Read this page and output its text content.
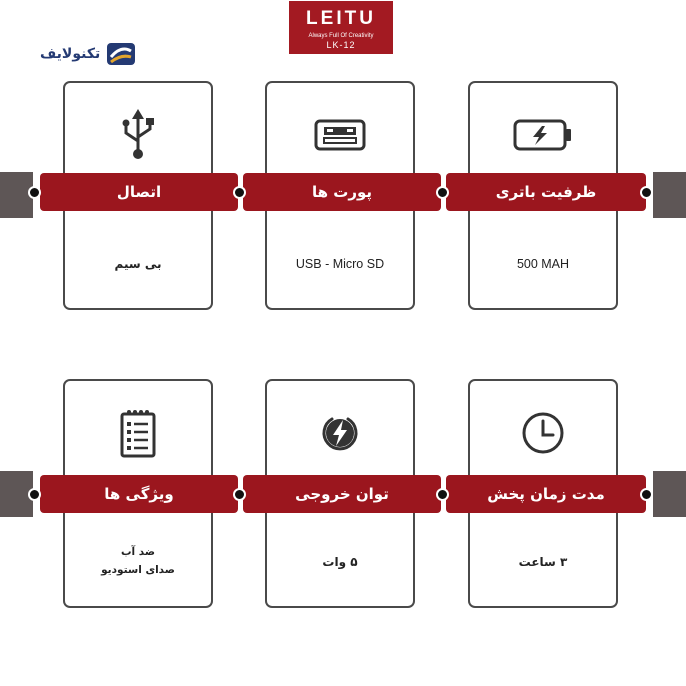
LEITU
Always Full Of Creativity
LK-12
تکنولایف
بی سیم	USB - Micro SD	500 MAH
اتصال	پورت ها	ظرفیت باتری
ضد آب
صدای استودیو
۵ وات	۳ ساعت
ویژگی ها	توان خروجی	مدت زمان پخش
